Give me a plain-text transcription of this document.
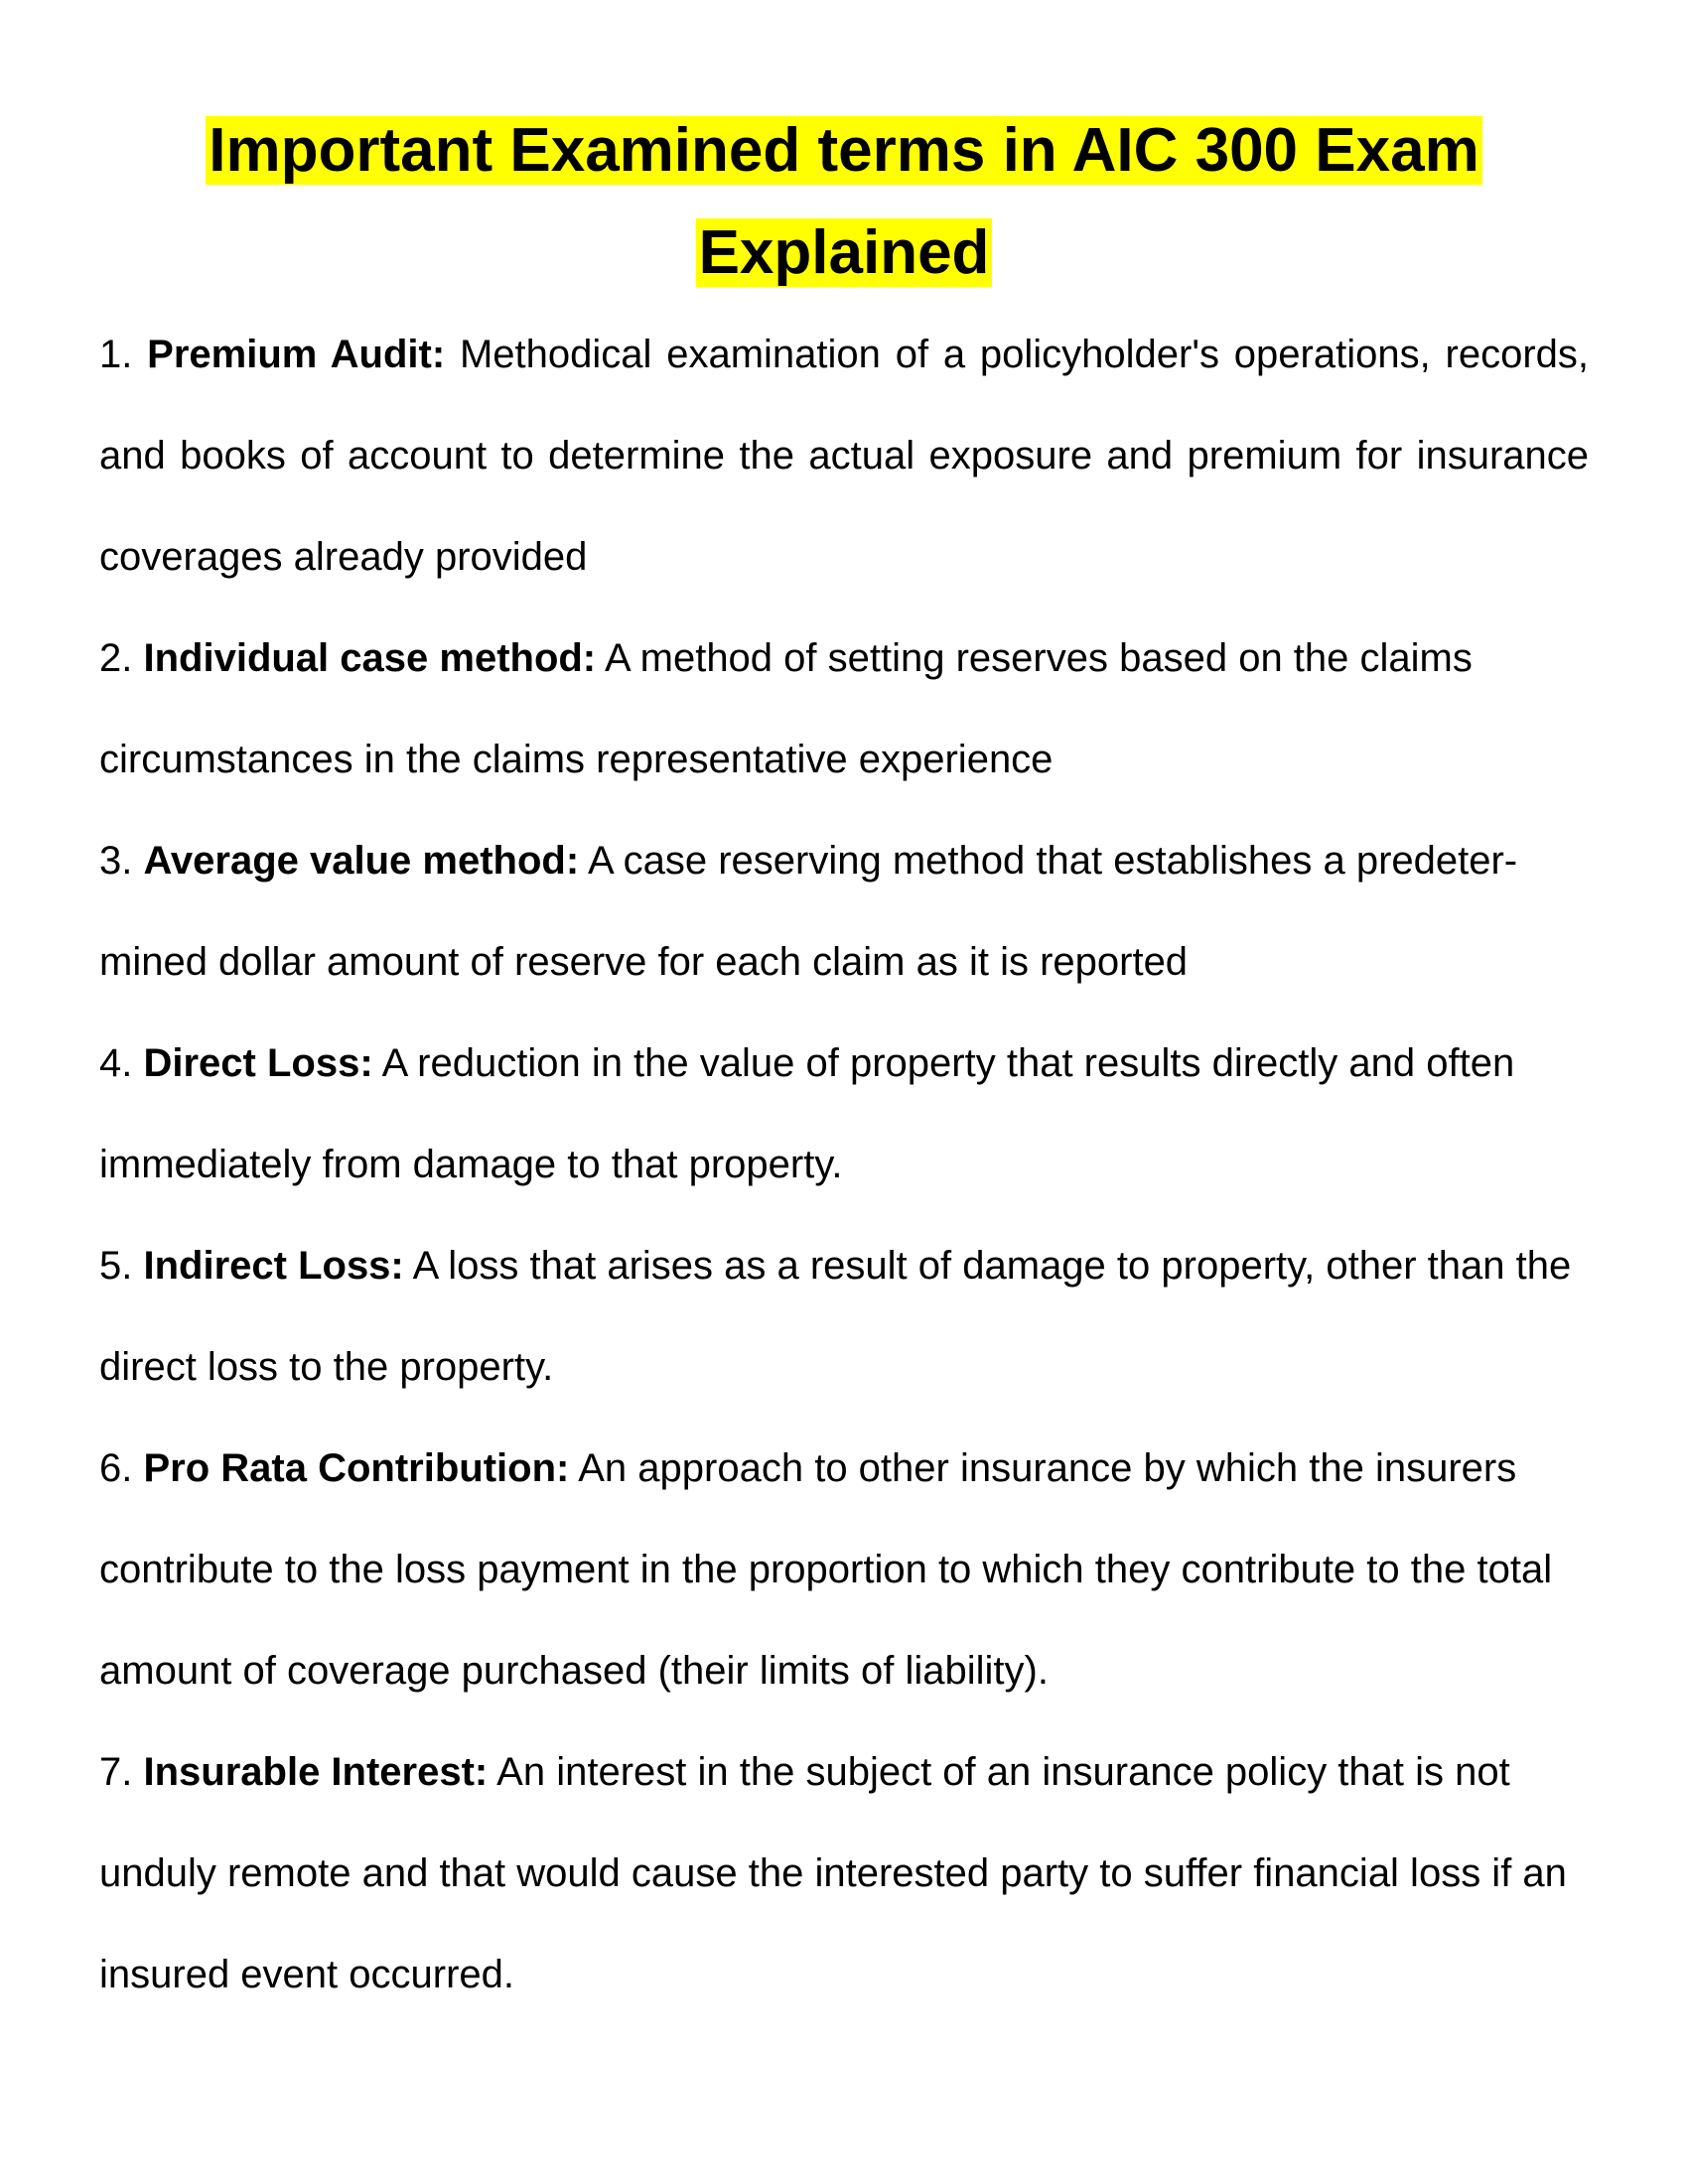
Important Examined terms in AIC 300 Exam
Explained

1. Premium Audit: Methodical examination of a policyholder's operations, records, and books of account to determine the actual exposure and premium for insurance coverages already provided

2. Individual case method: A method of setting reserves based on the claims circumstances in the claims representative experience

3. Average value method: A case reserving method that establishes a predeter- mined dollar amount of reserve for each claim as it is reported

4. Direct Loss: A reduction in the value of property that results directly and often immediately from damage to that property.

5. Indirect Loss: A loss that arises as a result of damage to property, other than the direct loss to the property.

6. Pro Rata Contribution: An approach to other insurance by which the insurers contribute to the loss payment in the proportion to which they contribute to the total amount of coverage purchased (their limits of liability).

7. Insurable Interest: An interest in the subject of an insurance policy that is not unduly remote and that would cause the interested party to suffer financial loss if an insured event occurred.
